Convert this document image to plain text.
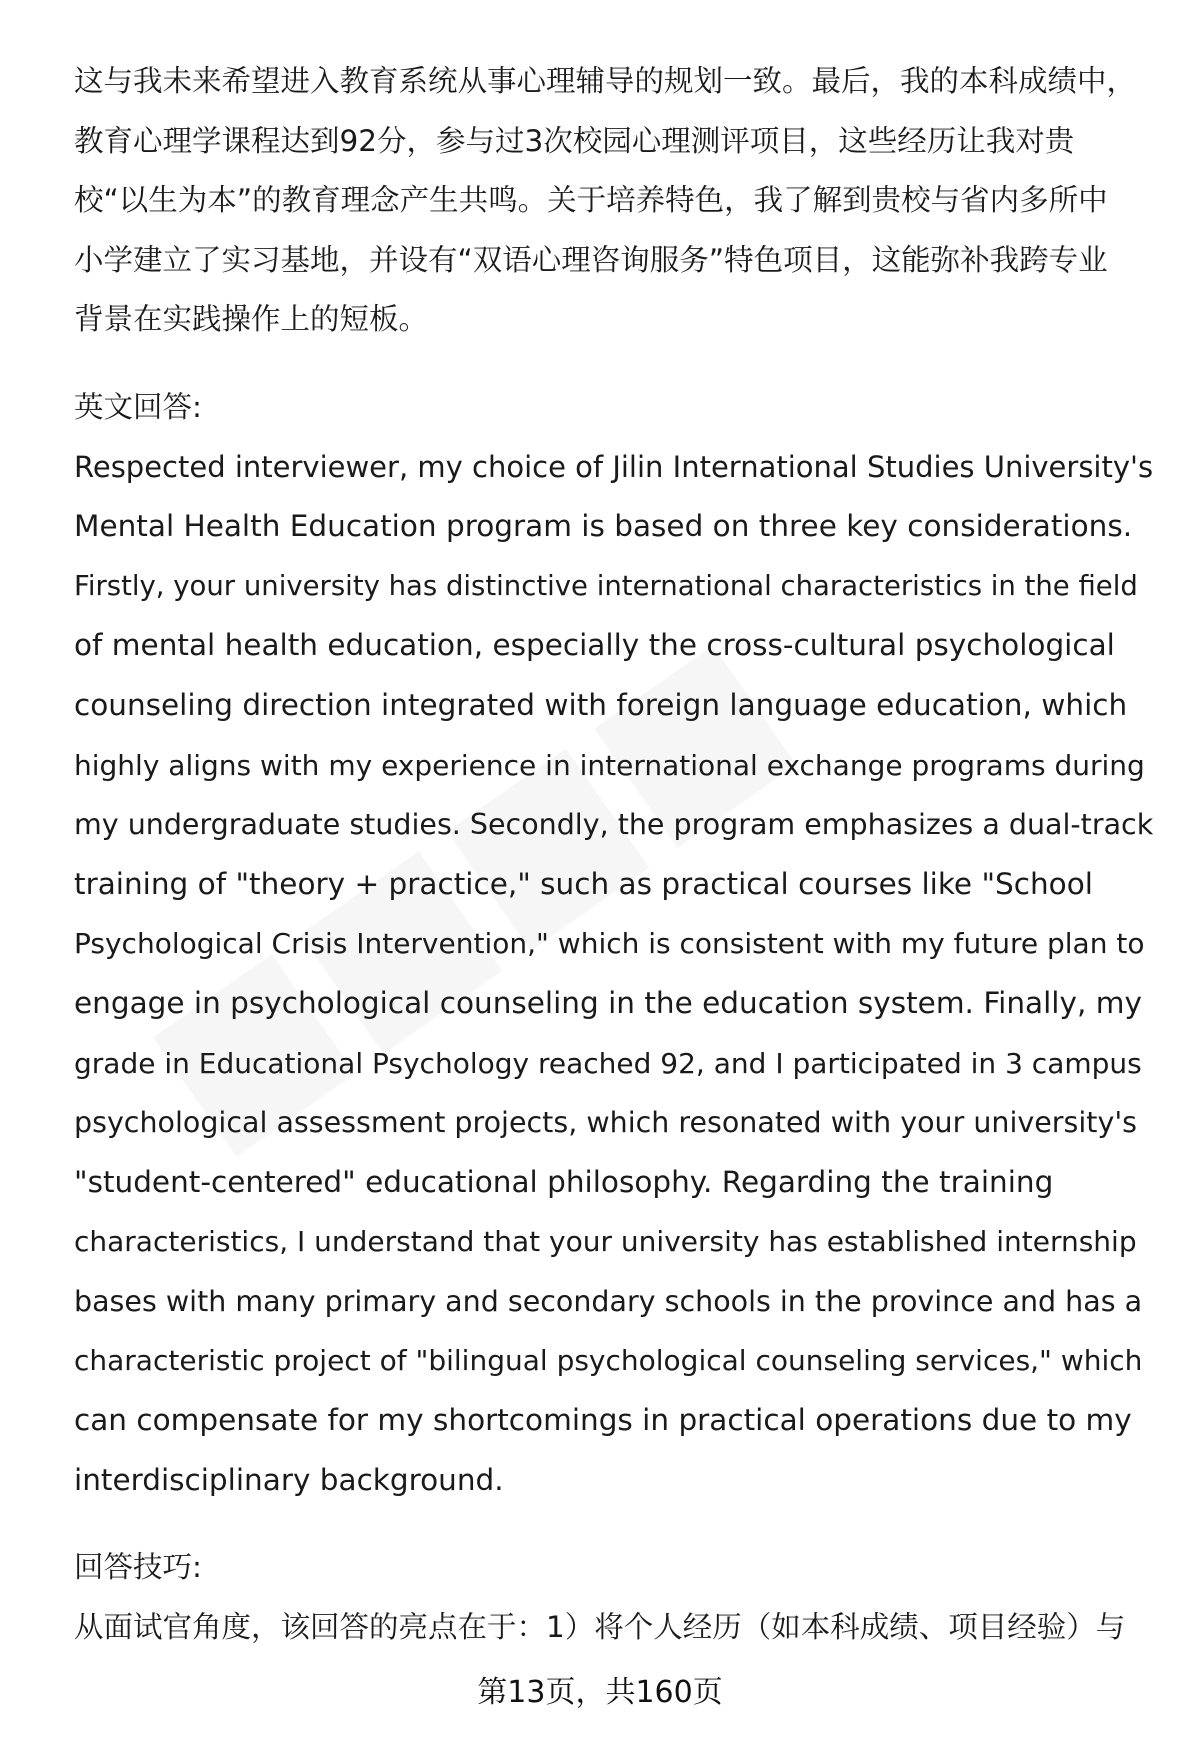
这与我未来希望进入教育系统从事心理辅导的规划一致。最后，我的本科成绩中，
教育心理学课程达到92分，参与过3次校园心理测评项目，这些经历让我对贵
校“以生为本”的教育理念产生共鸣。关于培养特色，我了解到贵校与省内多所中
小学建立了实习基地，并设有“双语心理咨询服务”特色项目，这能弥补我跨专业
背景在实践操作上的短板。
英文回答:
Respected interviewer, my choice of Jilin International Studies University's
Mental Health Education program is based on three key considerations.
Firstly, your university has distinctive international characteristics in the field
of mental health education, especially the cross-cultural psychological
counseling direction integrated with foreign language education, which
highly aligns with my experience in international exchange programs during
my undergraduate studies. Secondly, the program emphasizes a dual-track
training of "theory + practice," such as practical courses like "School
Psychological Crisis Intervention," which is consistent with my future plan to
engage in psychological counseling in the education system. Finally, my
grade in Educational Psychology reached 92, and I participated in 3 campus
psychological assessment projects, which resonated with your university's
"student-centered" educational philosophy. Regarding the training
characteristics, I understand that your university has established internship
bases with many primary and secondary schools in the province and has a
characteristic project of "bilingual psychological counseling services," which
can compensate for my shortcomings in practical operations due to my
interdisciplinary background.
回答技巧:
从面试官角度，该回答的亮点在于：1）将个人经历（如本科成绩、项目经验）与
第13页，共160页
